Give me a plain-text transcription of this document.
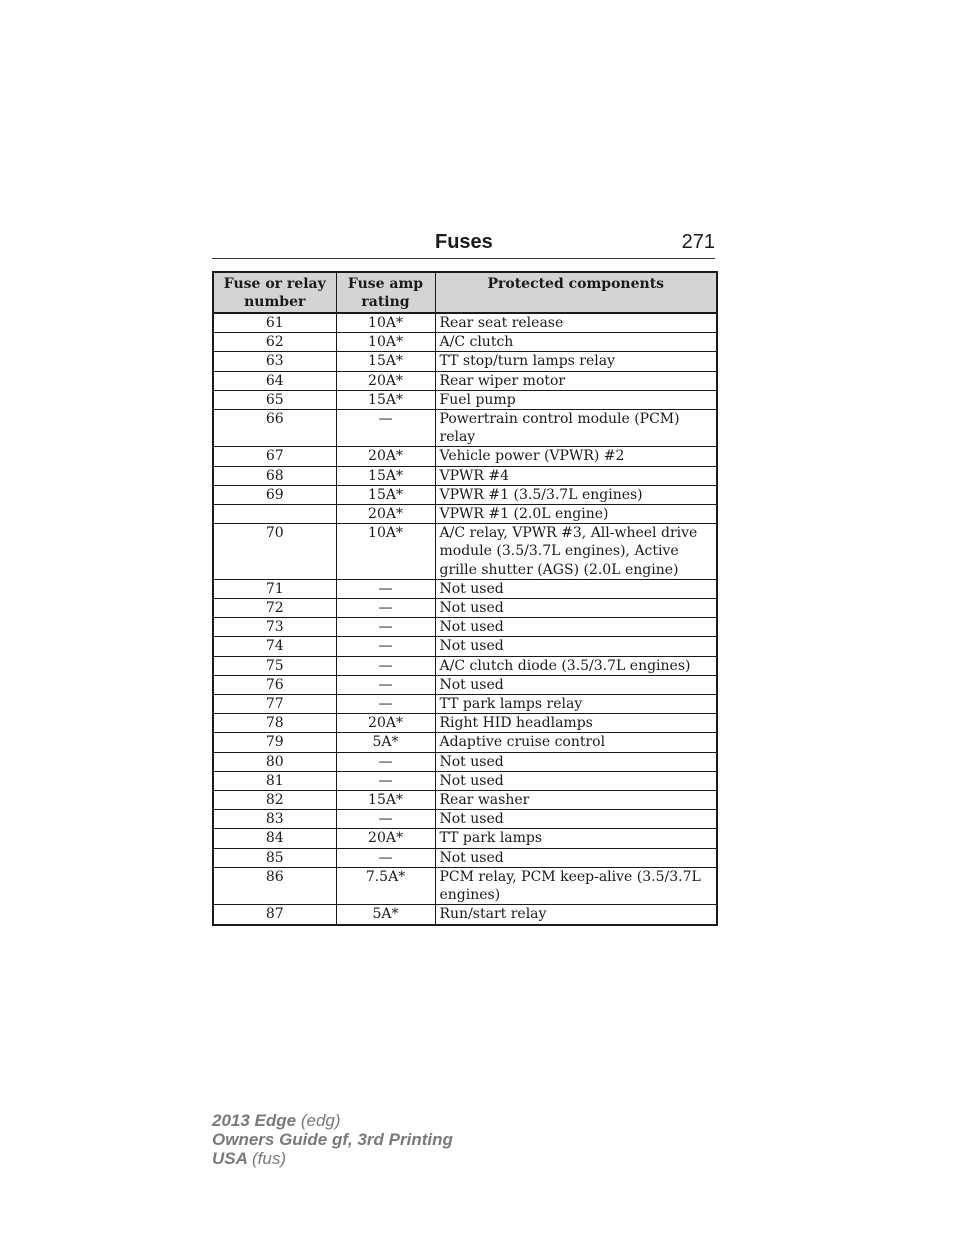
Fuses	271
Fuse or relay number	Fuse amp rating	Protected components
61	10A*	Rear seat release
62	10A*	A/C clutch
63	15A*	TT stop/turn lamps relay
64	20A*	Rear wiper motor
65	15A*	Fuel pump
66	—	Powertrain control module (PCM) relay
67	20A*	Vehicle power (VPWR) #2
68	15A*	VPWR #4
69	15A*	VPWR #1 (3.5/3.7L engines)
	20A*	VPWR #1 (2.0L engine)
70	10A*	A/C relay, VPWR #3, All-wheel drive module (3.5/3.7L engines), Active grille shutter (AGS) (2.0L engine)
71	—	Not used
72	—	Not used
73	—	Not used
74	—	Not used
75	—	A/C clutch diode (3.5/3.7L engines)
76	—	Not used
77	—	TT park lamps relay
78	20A*	Right HID headlamps
79	5A*	Adaptive cruise control
80	—	Not used
81	—	Not used
82	15A*	Rear washer
83	—	Not used
84	20A*	TT park lamps
85	—	Not used
86	7.5A*	PCM relay, PCM keep-alive (3.5/3.7L engines)
87	5A*	Run/start relay
2013 Edge (edg)
Owners Guide gf, 3rd Printing
USA (fus)
